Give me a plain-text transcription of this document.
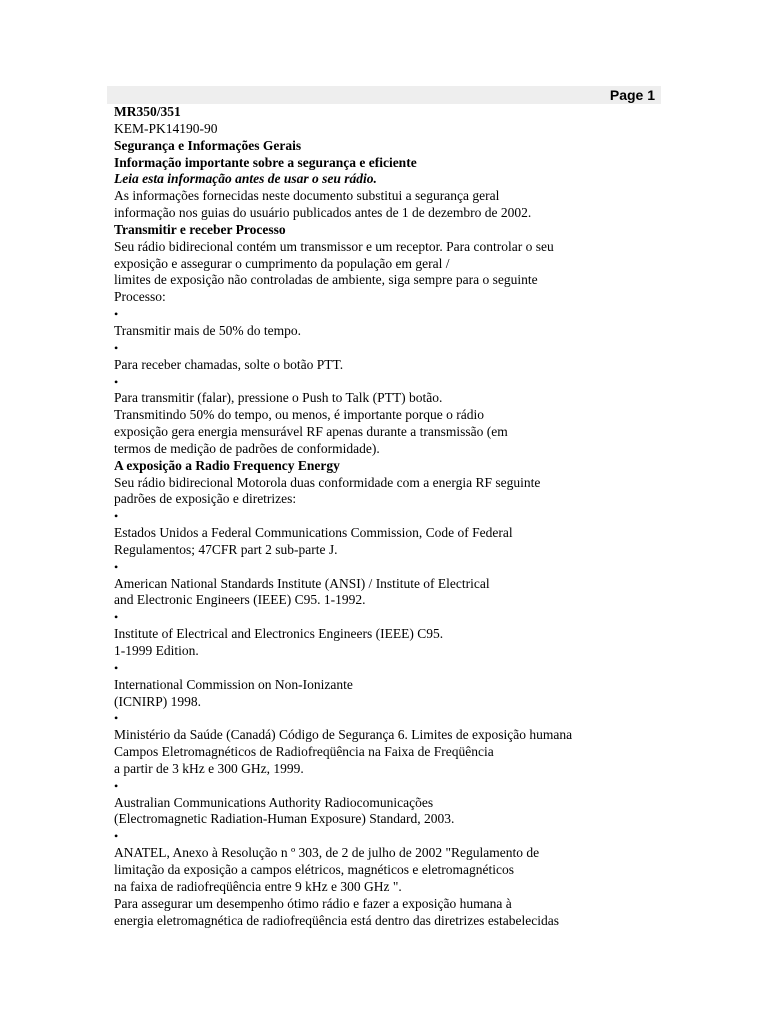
Page 1
MR350/351
KEM-PK14190-90
Segurança e Informações Gerais
Informação importante sobre a segurança e eficiente
Leia esta informação antes de usar o seu rádio.
As informações fornecidas neste documento substitui a segurança geral
informação nos guias do usuário publicados antes de 1 de dezembro de 2002.
Transmitir e receber Processo
Seu rádio bidirecional contém um transmissor e um receptor. Para controlar o seu
exposição e assegurar o cumprimento da população em geral /
limites de exposição não controladas de ambiente, siga sempre para o seguinte
Processo:
•
Transmitir mais de 50% do tempo.
•
Para receber chamadas, solte o botão PTT.
•
Para transmitir (falar), pressione o Push to Talk (PTT) botão.
Transmitindo 50% do tempo, ou menos, é importante porque o rádio
exposição gera energia mensurável RF apenas durante a transmissão (em
termos de medição de padrões de conformidade).
A exposição a Radio Frequency Energy
Seu rádio bidirecional Motorola duas conformidade com a energia RF seguinte
padrões de exposição e diretrizes:
•
Estados Unidos a Federal Communications Commission, Code of Federal
Regulamentos; 47CFR part 2 sub-parte J.
•
American National Standards Institute (ANSI) / Institute of Electrical
and Electronic Engineers (IEEE) C95. 1-1992.
•
Institute of Electrical and Electronics Engineers (IEEE) C95.
1-1999 Edition.
•
International Commission on Non-Ionizante
(ICNIRP) 1998.
•
Ministério da Saúde (Canadá) Código de Segurança 6. Limites de exposição humana
Campos Eletromagnéticos de Radiofreqüência na Faixa de Freqüência
a partir de 3 kHz e 300 GHz, 1999.
•
Australian Communications Authority Radiocomunicações
(Electromagnetic Radiation-Human Exposure) Standard, 2003.
•
ANATEL, Anexo à Resolução n º 303, de 2 de julho de 2002 "Regulamento de
limitação da exposição a campos elétricos, magnéticos e eletromagnéticos
na faixa de radiofreqüência entre 9 kHz e 300 GHz ".
Para assegurar um desempenho ótimo rádio e fazer a exposição humana à
energia eletromagnética de radiofreqüência está dentro das diretrizes estabelecidas
